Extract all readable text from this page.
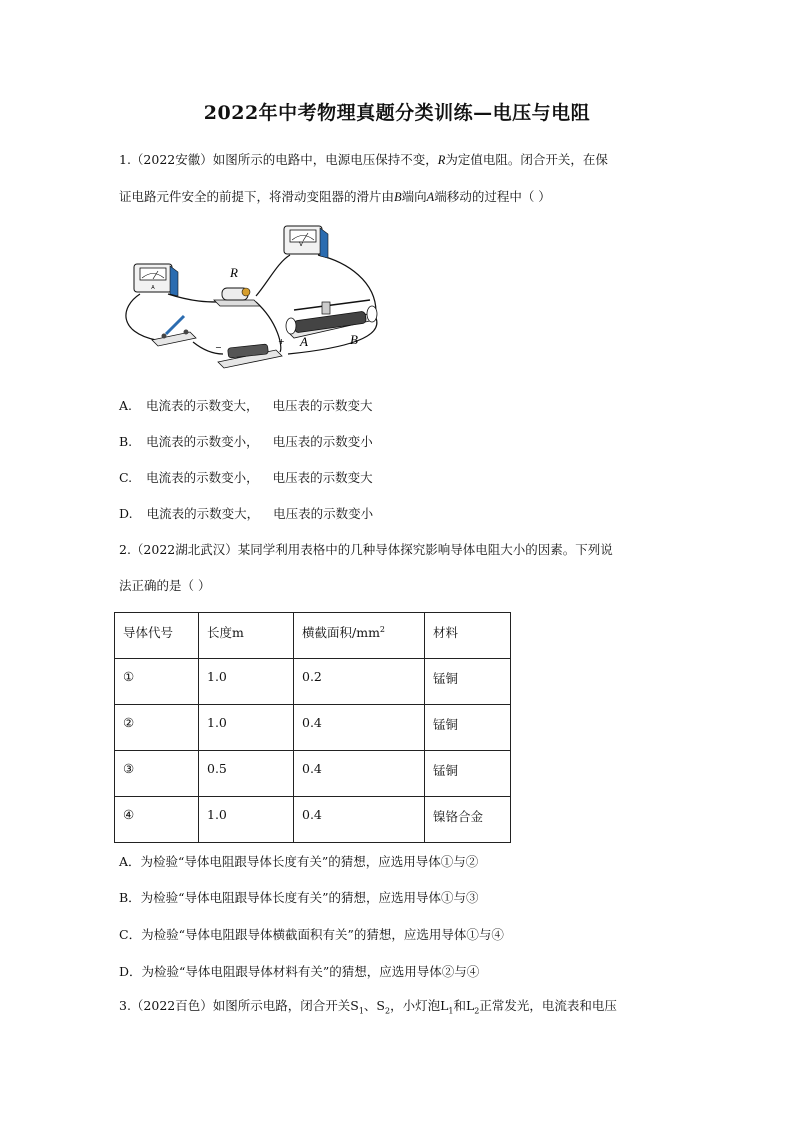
2022年中考物理真题分类训练—电压与电阻
1.（2022安徽）如图所示的电路中，电源电压保持不变，R为定值电阻。闭合开关，在保
证电路元件安全的前提下，将滑动变阻器的滑片由B端向A端移动的过程中（ ）
A
V
R
A	B
−
+
A. 电流表的示数变大， 电压表的示数变大
B. 电流表的示数变小， 电压表的示数变小
C. 电流表的示数变小， 电压表的示数变大
D. 电流表的示数变大， 电压表的示数变小
2.（2022湖北武汉）某同学利用表格中的几种导体探究影响导体电阻大小的因素。下列说
法正确的是（ ）
导体代号	长度m	横截面积$/mm^2$	材料
①	1.0	0.2	锰铜
②	1.0	0.4	锰铜
③	0.5	0.4	锰铜
④	1.0	0.4	镍铬合金
A．为检验“导体电阻跟导体长度有关”的猜想，应选用导体①与②
B．为检验“导体电阻跟导体长度有关”的猜想，应选用导体①与③
C．为检验“导体电阻跟导体横截面积有关”的猜想，应选用导体①与④
D．为检验“导体电阻跟导体材料有关”的猜想，应选用导体②与④
3.（2022百色）如图所示电路，闭合开关$S_1$、$S_2$，小灯泡$L_1$和$L_2$正常发光，电流表和电压
